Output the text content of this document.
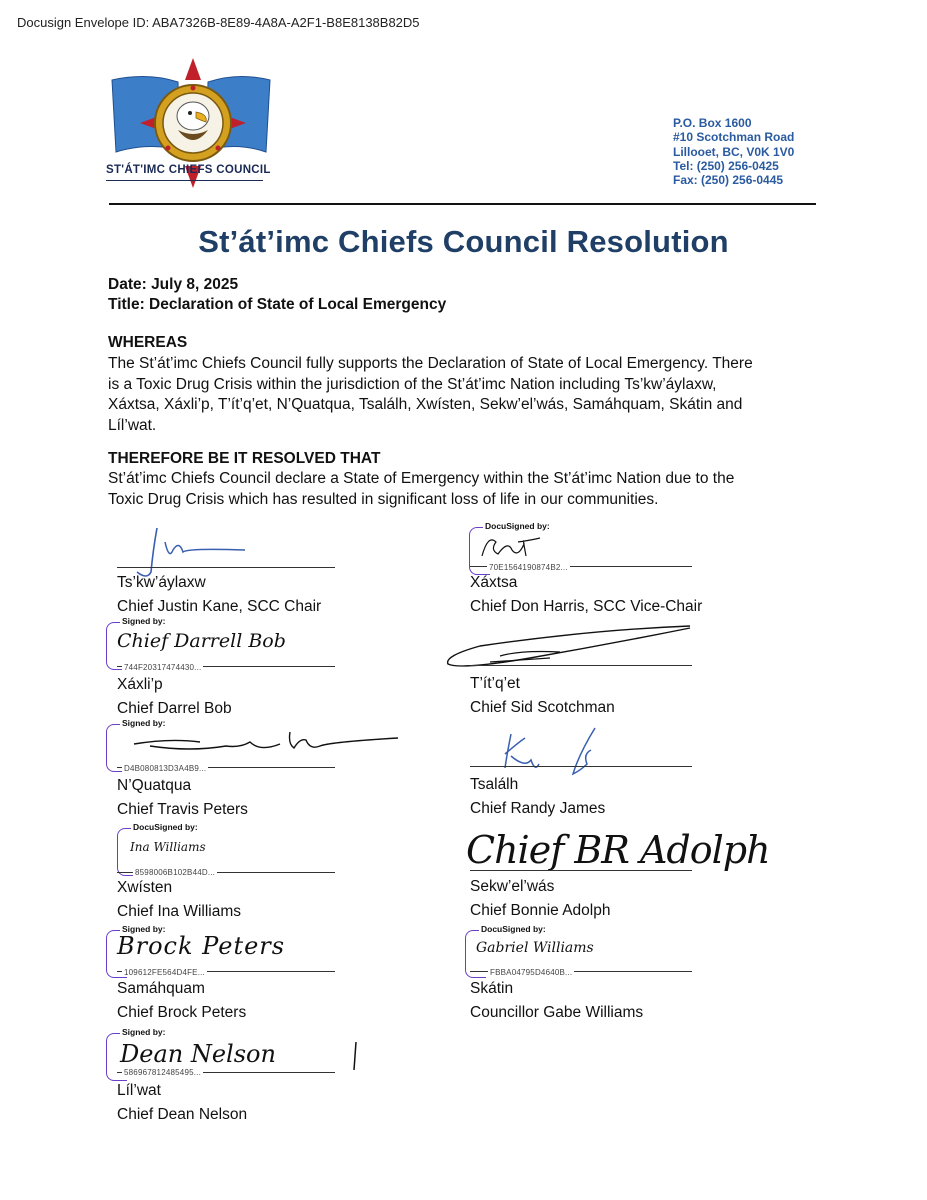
Docusign Envelope ID: ABA7326B-8E89-4A8A-A2F1-B8E8138B82D5
ST'ÁT'IMC CHIEFS COUNCIL
P.O. Box 1600
#10 Scotchman Road
Lillooet, BC, V0K 1V0
Tel: (250) 256-0425
Fax: (250) 256-0445
St’át’imc Chiefs Council Resolution
Date: July 8, 2025
Title: Declaration of State of Local Emergency
WHEREAS
The St’át’imc Chiefs Council fully supports the Declaration of State of Local Emergency. There
is a Toxic Drug Crisis within the jurisdiction of the St’át’imc Nation including Ts’kw’áylaxw,
Xáxtsa, Xáxli’p, T’ít’q’et, N’Quatqua, Tsalálh, Xwísten, Sekw’el’wás, Samáhquam, Skátin and
Líl’wat.
THEREFORE BE IT RESOLVED THAT
St’át’imc Chiefs Council declare a State of Emergency within the St’át’imc Nation due to the
Toxic Drug Crisis which has resulted in significant loss of life in our communities.
Ts’kw’áylaxw
Chief Justin Kane, SCC Chair
Signed by:
Chief Darrell Bob
744F20317474430...
Xáxli’p
Chief Darrel Bob
Signed by:
D4B080813D3A4B9...
N’Quatqua
Chief Travis Peters
DocuSigned by:
Ina Williams
8598006B102B44D...
Xwísten
Chief Ina Williams
Signed by:
Brock Peters
109612FE564D4FE...
Samáhquam
Chief Brock Peters
Signed by:
Dean Nelson
586967812485495...
Líl’wat
Chief Dean Nelson
DocuSigned by:
70E1564190874B2...
Xáxtsa
Chief Don Harris, SCC Vice-Chair
T’ít’q’et
Chief Sid Scotchman
Tsalálh
Chief Randy James
Chief BR Adolph
Sekw’el’wás
Chief Bonnie Adolph
DocuSigned by:
Gabriel Williams
FBBA04795D4640B...
Skátin
Councillor Gabe Williams
